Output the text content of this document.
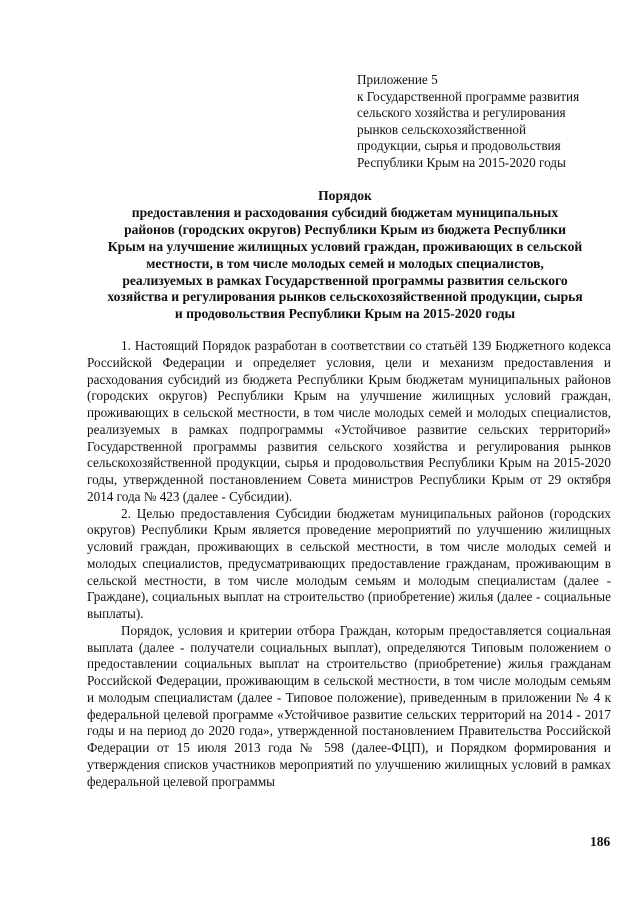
Приложение 5
к Государственной программе развития
сельского хозяйства и регулирования
рынков сельскохозяйственной
продукции, сырья и продовольствия
Республики Крым на 2015-2020 годы
Порядок
предоставления и расходования субсидий бюджетам муниципальных
районов (городских округов) Республики Крым из бюджета Республики
Крым на улучшение жилищных условий граждан, проживающих в сельской
местности, в том числе молодых семей и молодых специалистов,
реализуемых в рамках Государственной программы развития сельского
хозяйства и регулирования рынков сельскохозяйственной продукции, сырья
и продовольствия Республики Крым на 2015-2020 годы

1. Настоящий Порядок разработан в соответствии со статьёй 139 Бюджетного кодекса Российской Федерации и определяет условия, цели и механизм предоставления и расходования субсидий из бюджета Республики Крым бюджетам муниципальных районов (городских округов) Республики Крым на улучшение жилищных условий граждан, проживающих в сельской местности, в том числе молодых семей и молодых специалистов, реализуемых в рамках подпрограммы «Устойчивое развитие сельских территорий» Государственной программы развития сельского хозяйства и регулирования рынков сельскохозяйственной продукции, сырья и продовольствия Республики Крым на 2015-2020 годы, утвержденной постановлением Совета министров Республики Крым от 29 октября 2014 года № 423 (далее - Субсидии).

2. Целью предоставления Субсидии бюджетам муниципальных районов (городских округов) Республики Крым является проведение мероприятий по улучшению жилищных условий граждан, проживающих в сельской местности, в том числе молодых семей и молодых специалистов, предусматривающих предоставление гражданам, проживающим в сельской местности, в том числе молодым семьям и молодым специалистам (далее - Граждане), социальных выплат на строительство (приобретение) жилья (далее - социальные выплаты).

Порядок, условия и критерии отбора Граждан, которым предоставляется социальная выплата (далее - получатели социальных выплат), определяются Типовым положением о предоставлении социальных выплат на строительство (приобретение) жилья гражданам Российской Федерации, проживающим в сельской местности, в том числе молодым семьям и молодым специалистам (далее - Типовое положение), приведенным в приложении № 4 к федеральной целевой программе «Устойчивое развитие сельских территорий на 2014 - 2017 годы и на период до 2020 года», утвержденной постановлением Правительства Российской Федерации от 15 июля 2013 года № 598 (далее-ФЦП), и Порядком формирования и утверждения списков участников мероприятий по улучшению жилищных условий в рамках федеральной целевой программы

186
